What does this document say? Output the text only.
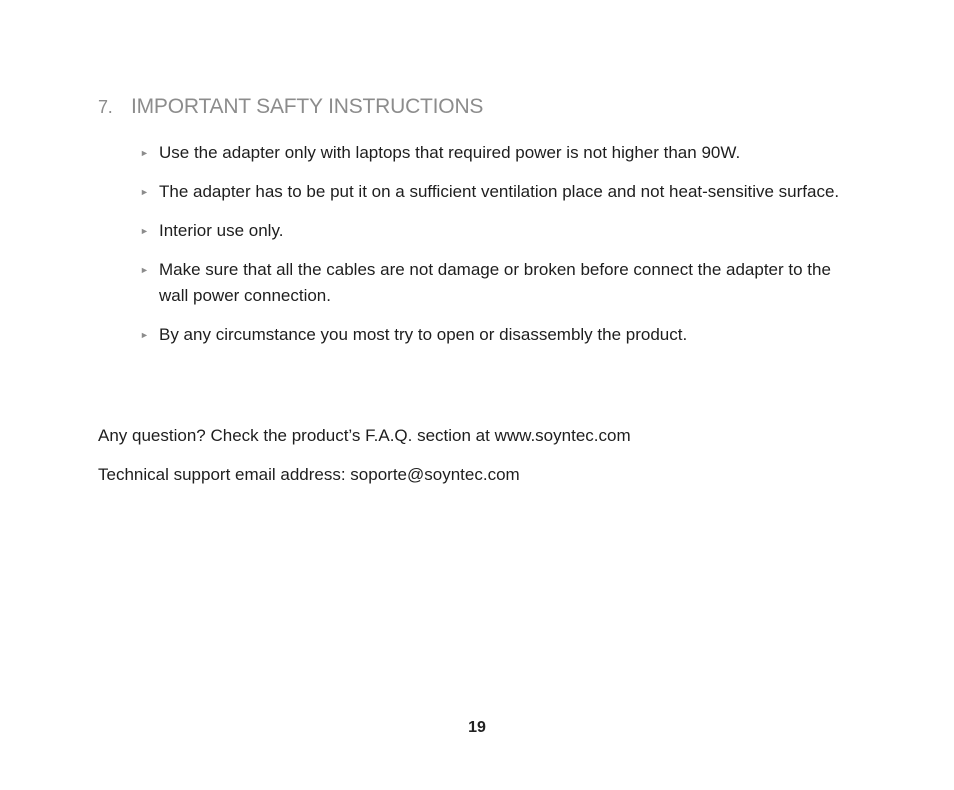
7. IMPORTANT SAFTY INSTRUCTIONS
► Use the adapter only with laptops that required power is not higher than 90W.
► The adapter has to be put it on a sufficient ventilation place and not heat-sensitive surface.
► Interior use only.
► Make sure that all the cables are not damage or broken before connect the adapter to the wall power connection.
► By any circumstance you most try to open or disassembly the product.

Any question? Check the product’s F.A.Q. section at www.soyntec.com

Technical support email address: soporte@soyntec.com

19
